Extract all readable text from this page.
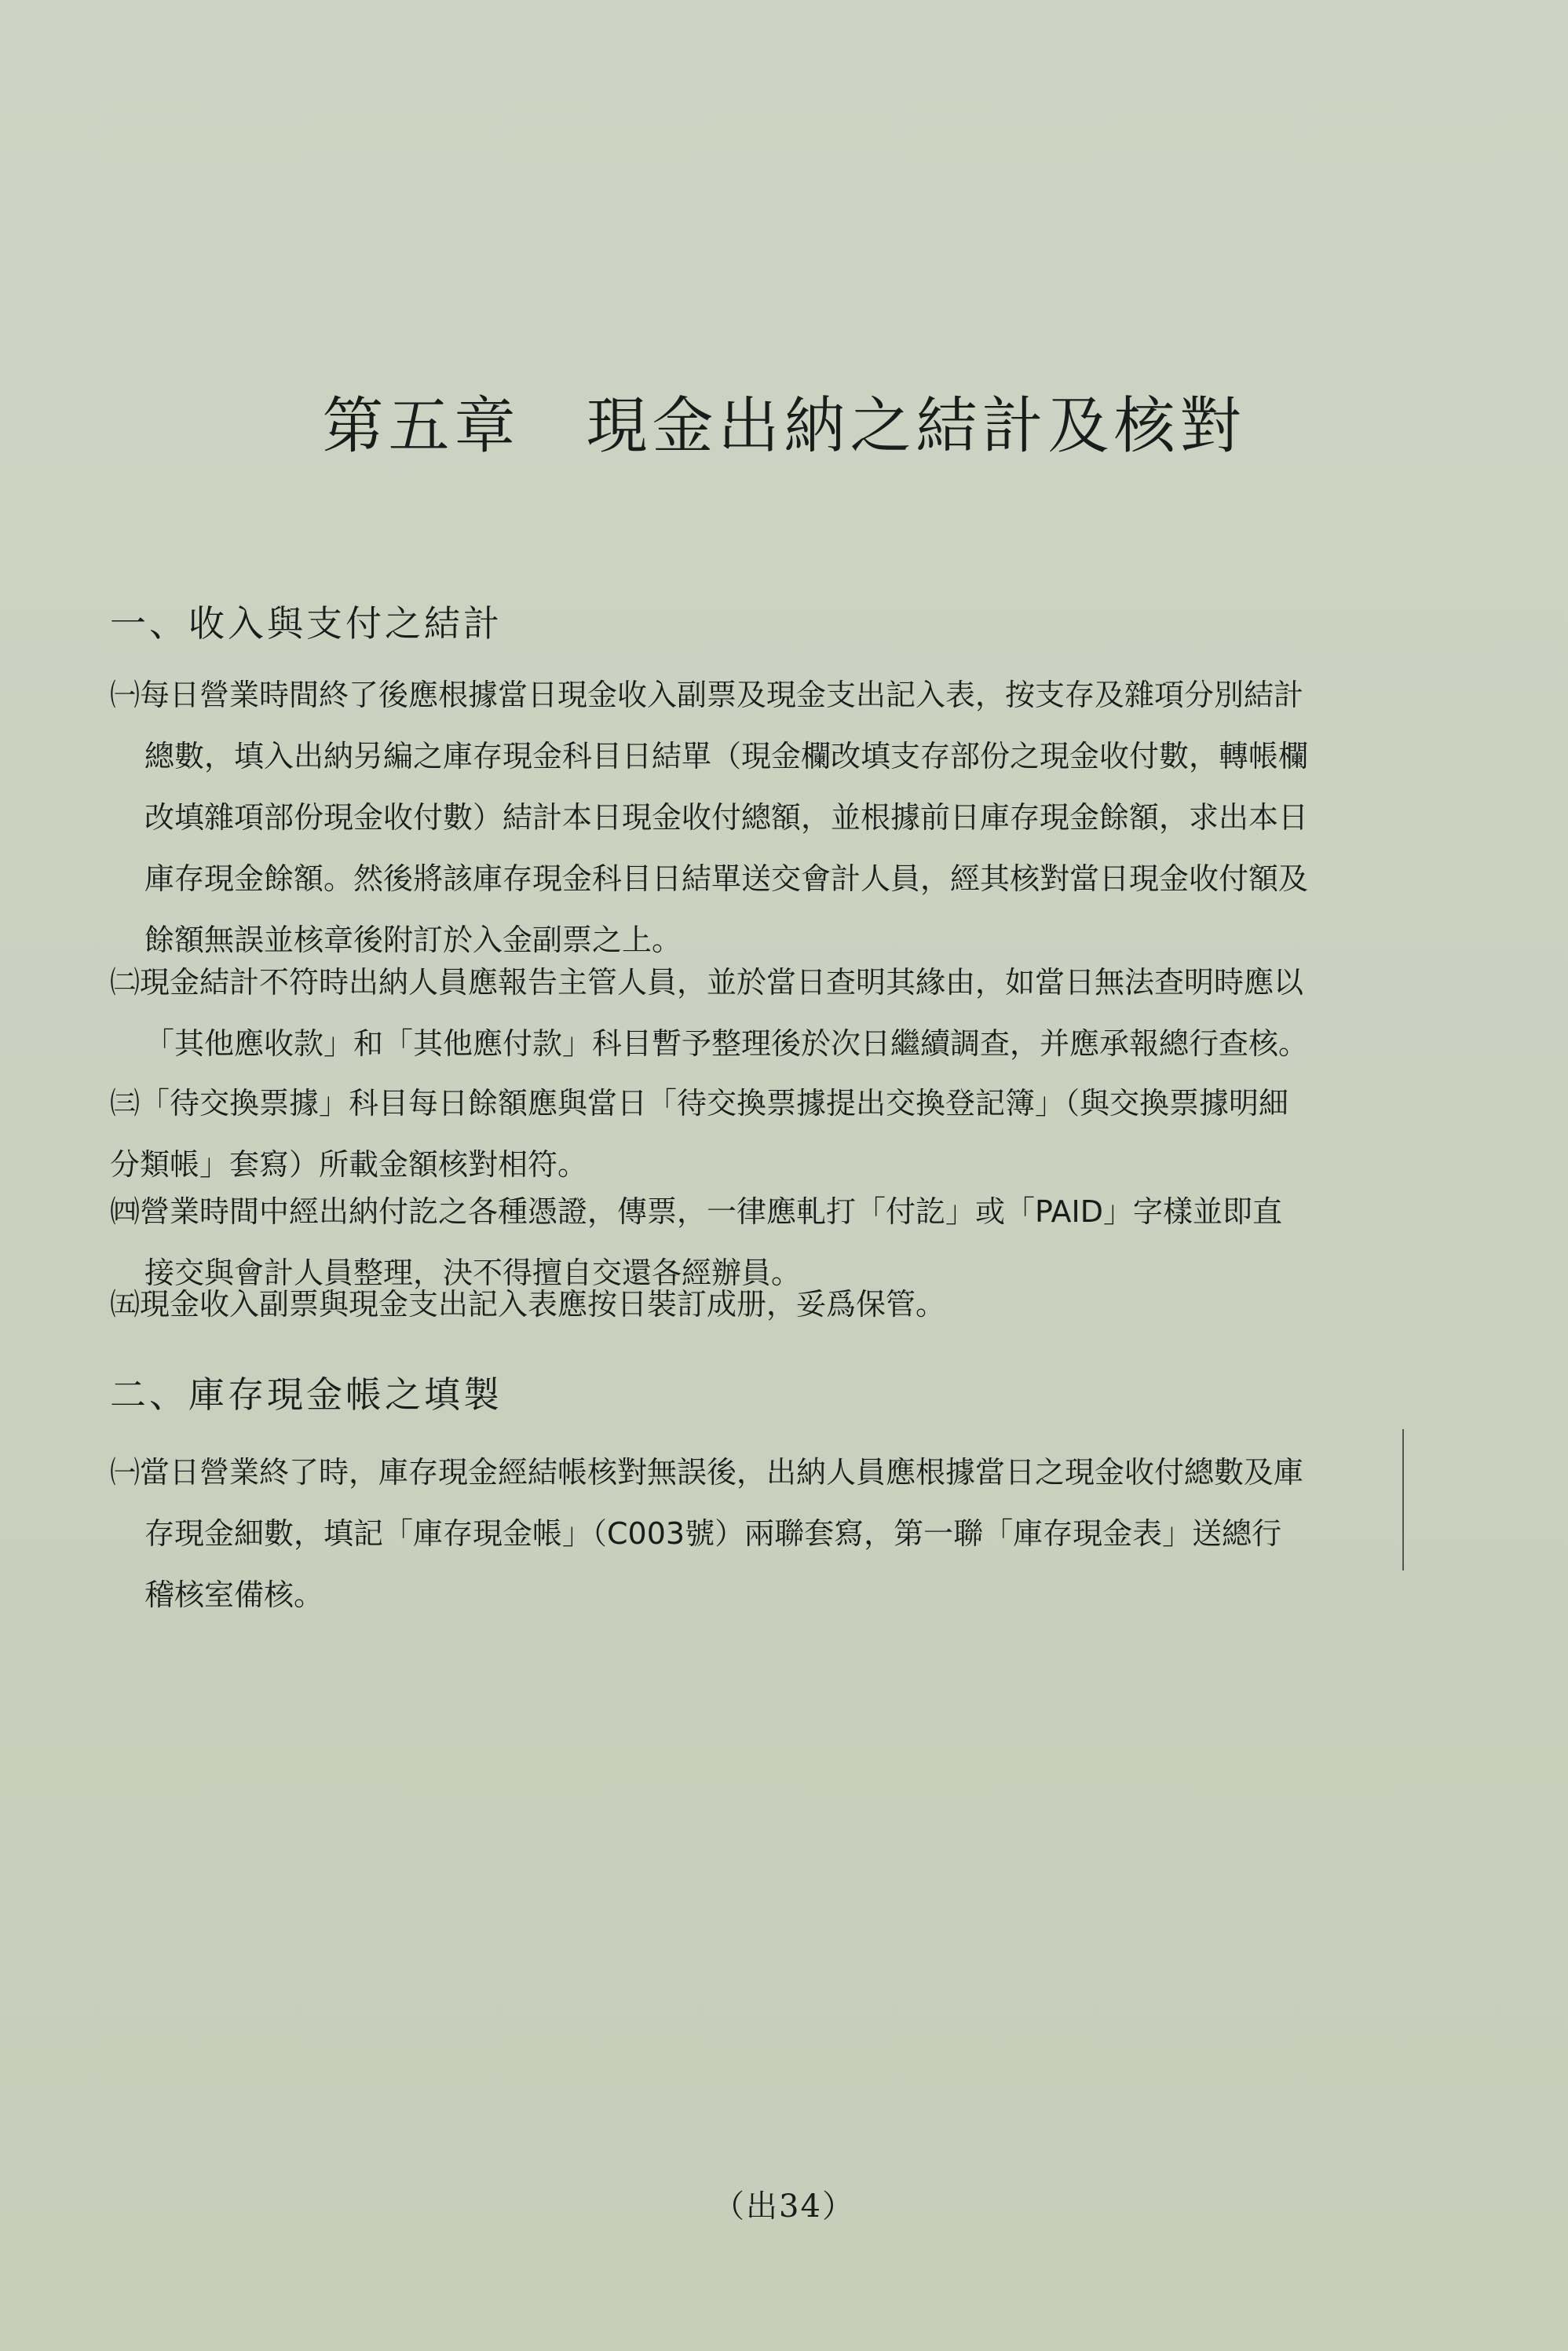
第五章　現金出納之結計及核對
一、收入與支付之結計
㈠每日營業時間終了後應根據當日現金收入副票及現金支出記入表，按支存及雜項分別結計
總數，填入出納另編之庫存現金科目日結單（現金欄改填支存部份之現金收付數，轉帳欄
改填雜項部份現金收付數）結計本日現金收付總額，並根據前日庫存現金餘額，求出本日
庫存現金餘額。然後將該庫存現金科目日結單送交會計人員，經其核對當日現金收付額及
餘額無誤並核章後附訂於入金副票之上。
㈡現金結計不符時出納人員應報告主管人員，並於當日查明其緣由，如當日無法查明時應以
「其他應收款」和「其他應付款」科目暫予整理後於次日繼續調查，并應承報總行查核。
㈢「待交換票據」科目每日餘額應與當日「待交換票據提出交換登記簿」（與交換票據明細
分類帳」套寫）所載金額核對相符。
㈣營業時間中經出納付訖之各種憑證，傳票，一律應軋打「付訖」或「PAID」字樣並即直
接交與會計人員整理，決不得擅自交還各經辦員。
㈤現金收入副票與現金支出記入表應按日裝訂成册，妥爲保管。
二、庫存現金帳之填製
㈠當日營業終了時，庫存現金經結帳核對無誤後，出納人員應根據當日之現金收付總數及庫
存現金細數，填記「庫存現金帳」（C003號）兩聯套寫，第一聯「庫存現金表」送總行
稽核室備核。
（出34）
